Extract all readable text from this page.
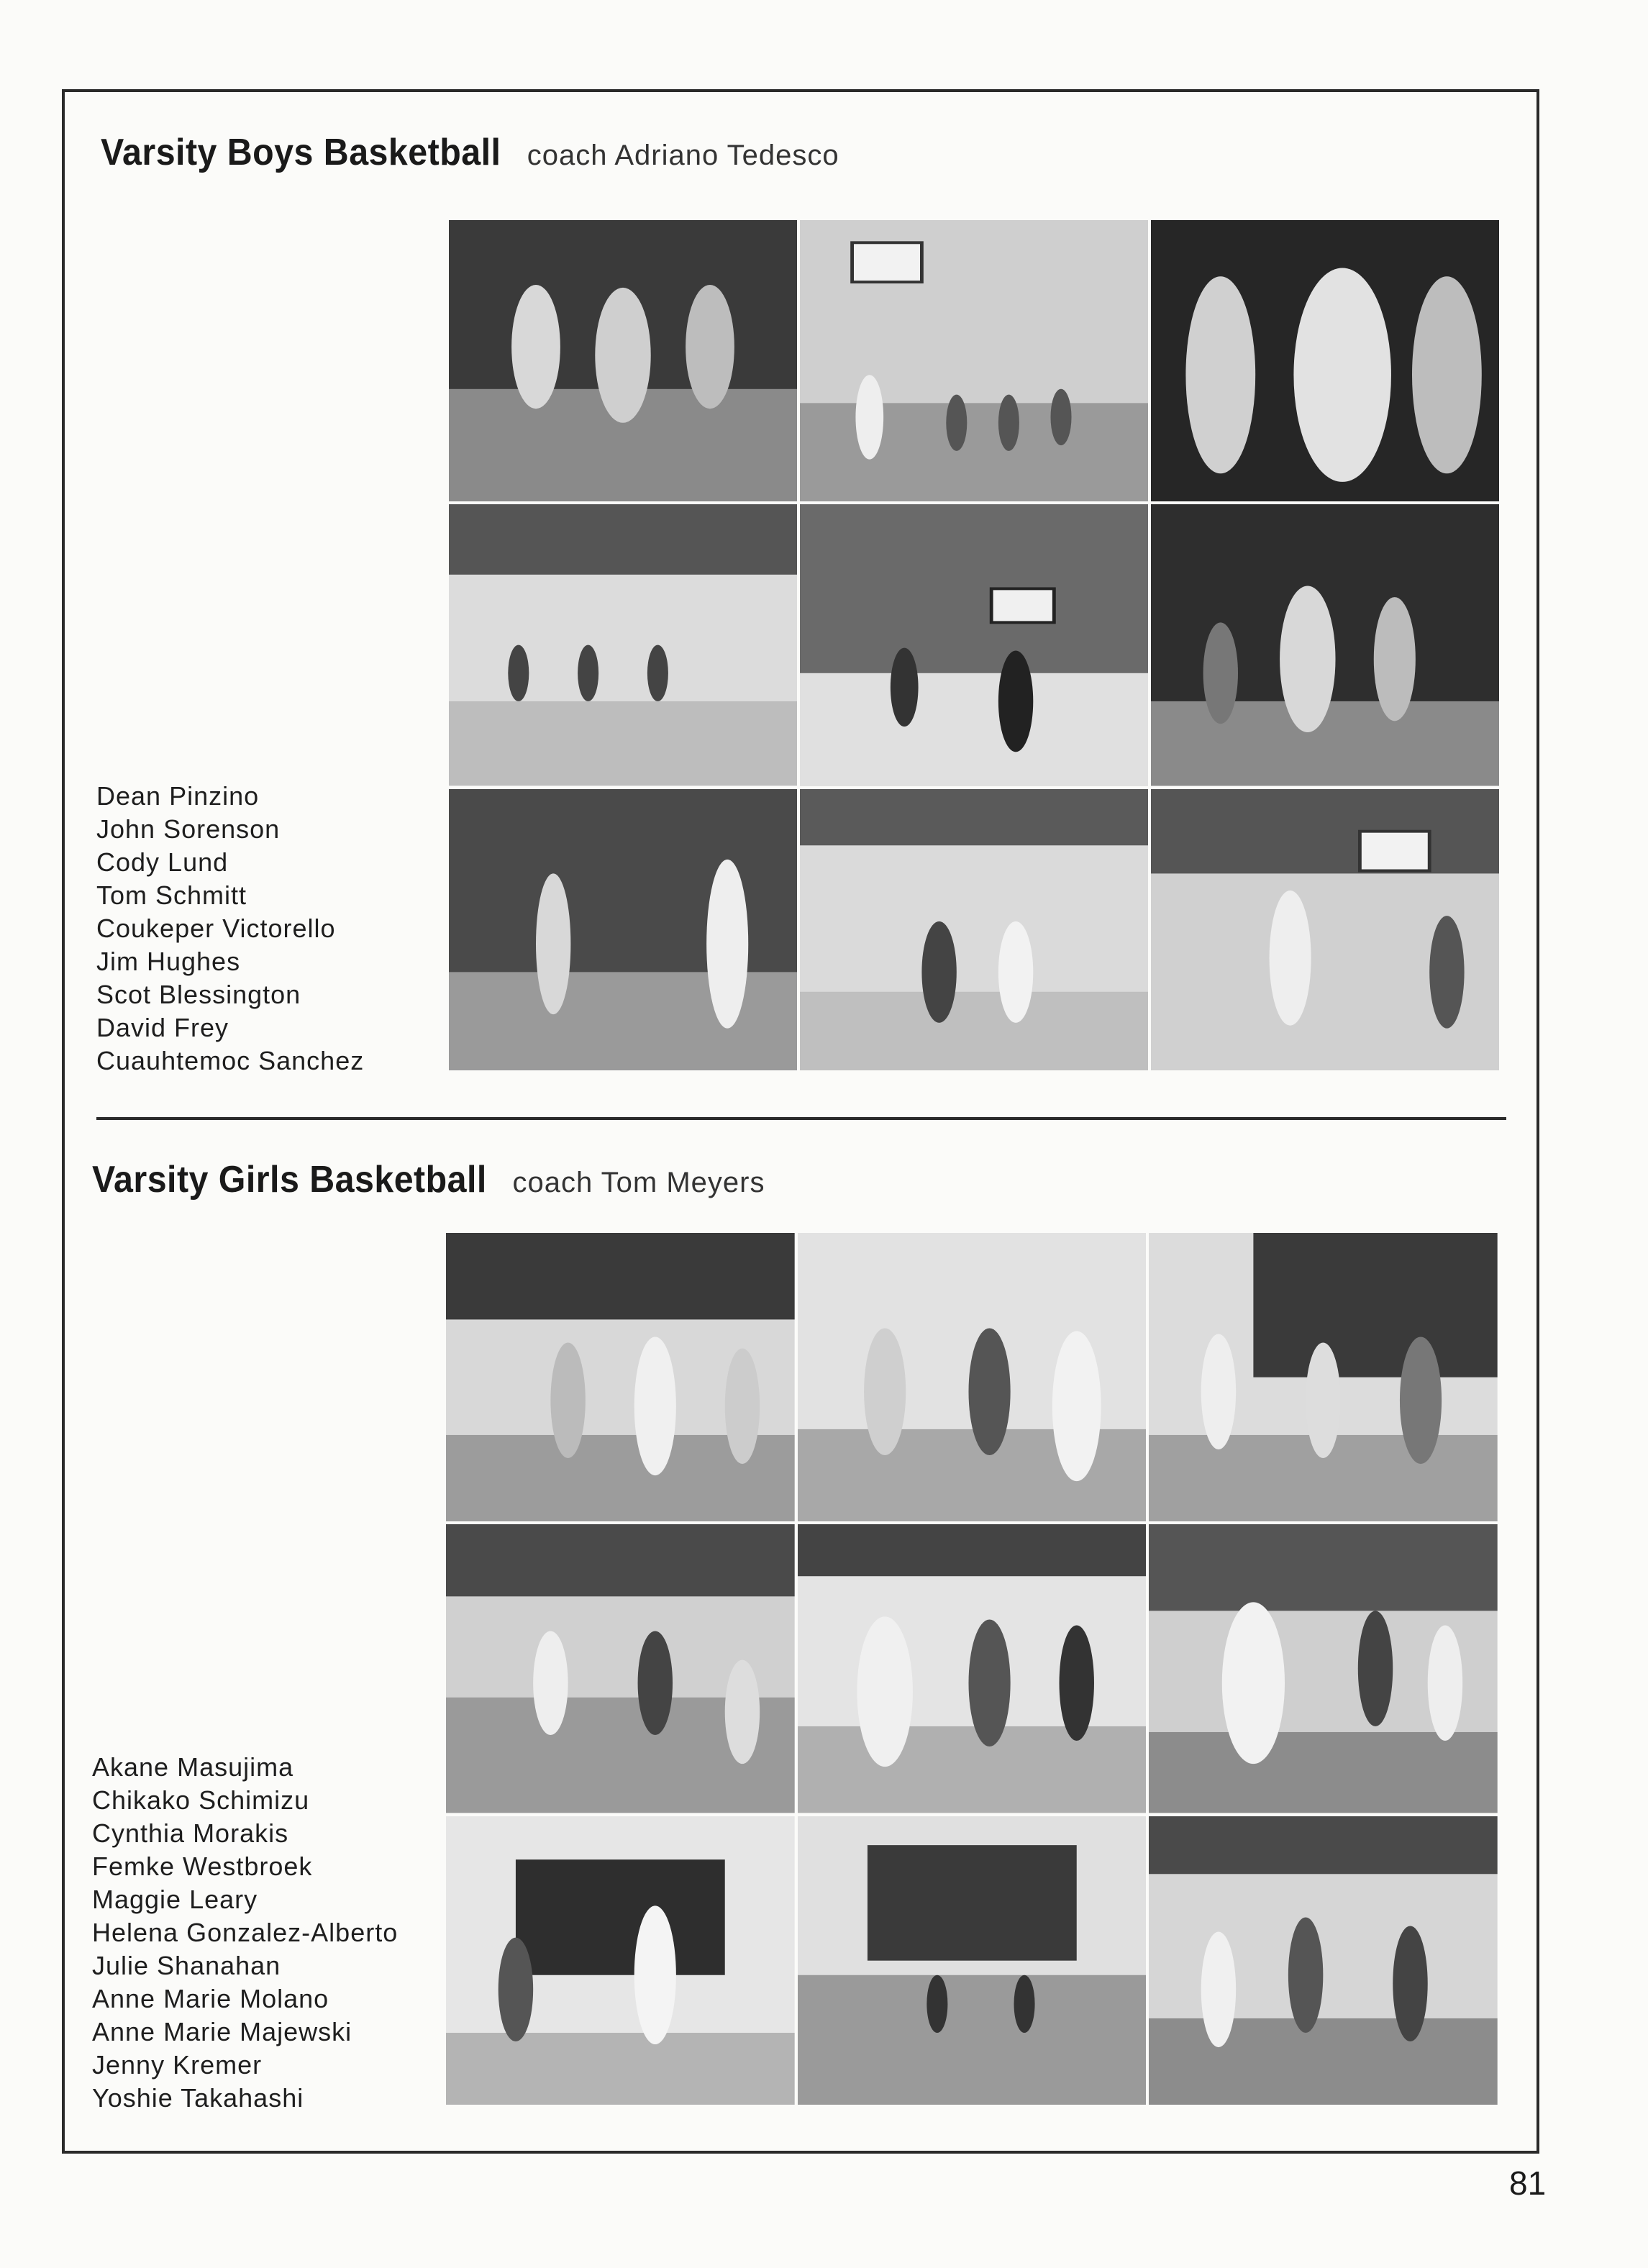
Varsity Boys Basketball coach Adriano Tedesco
Dean Pinzino
John Sorenson
Cody Lund
Tom Schmitt
Coukeper Victorello
Jim Hughes
Scot Blessington
David Frey
Cuauhtemoc Sanchez
Varsity Girls Basketball coach Tom Meyers
Akane Masujima
Chikako Schimizu
Cynthia Morakis
Femke Westbroek
Maggie Leary
Helena Gonzalez-Alberto
Julie Shanahan
Anne Marie Molano
Anne Marie Majewski
Jenny Kremer
Yoshie Takahashi
81
